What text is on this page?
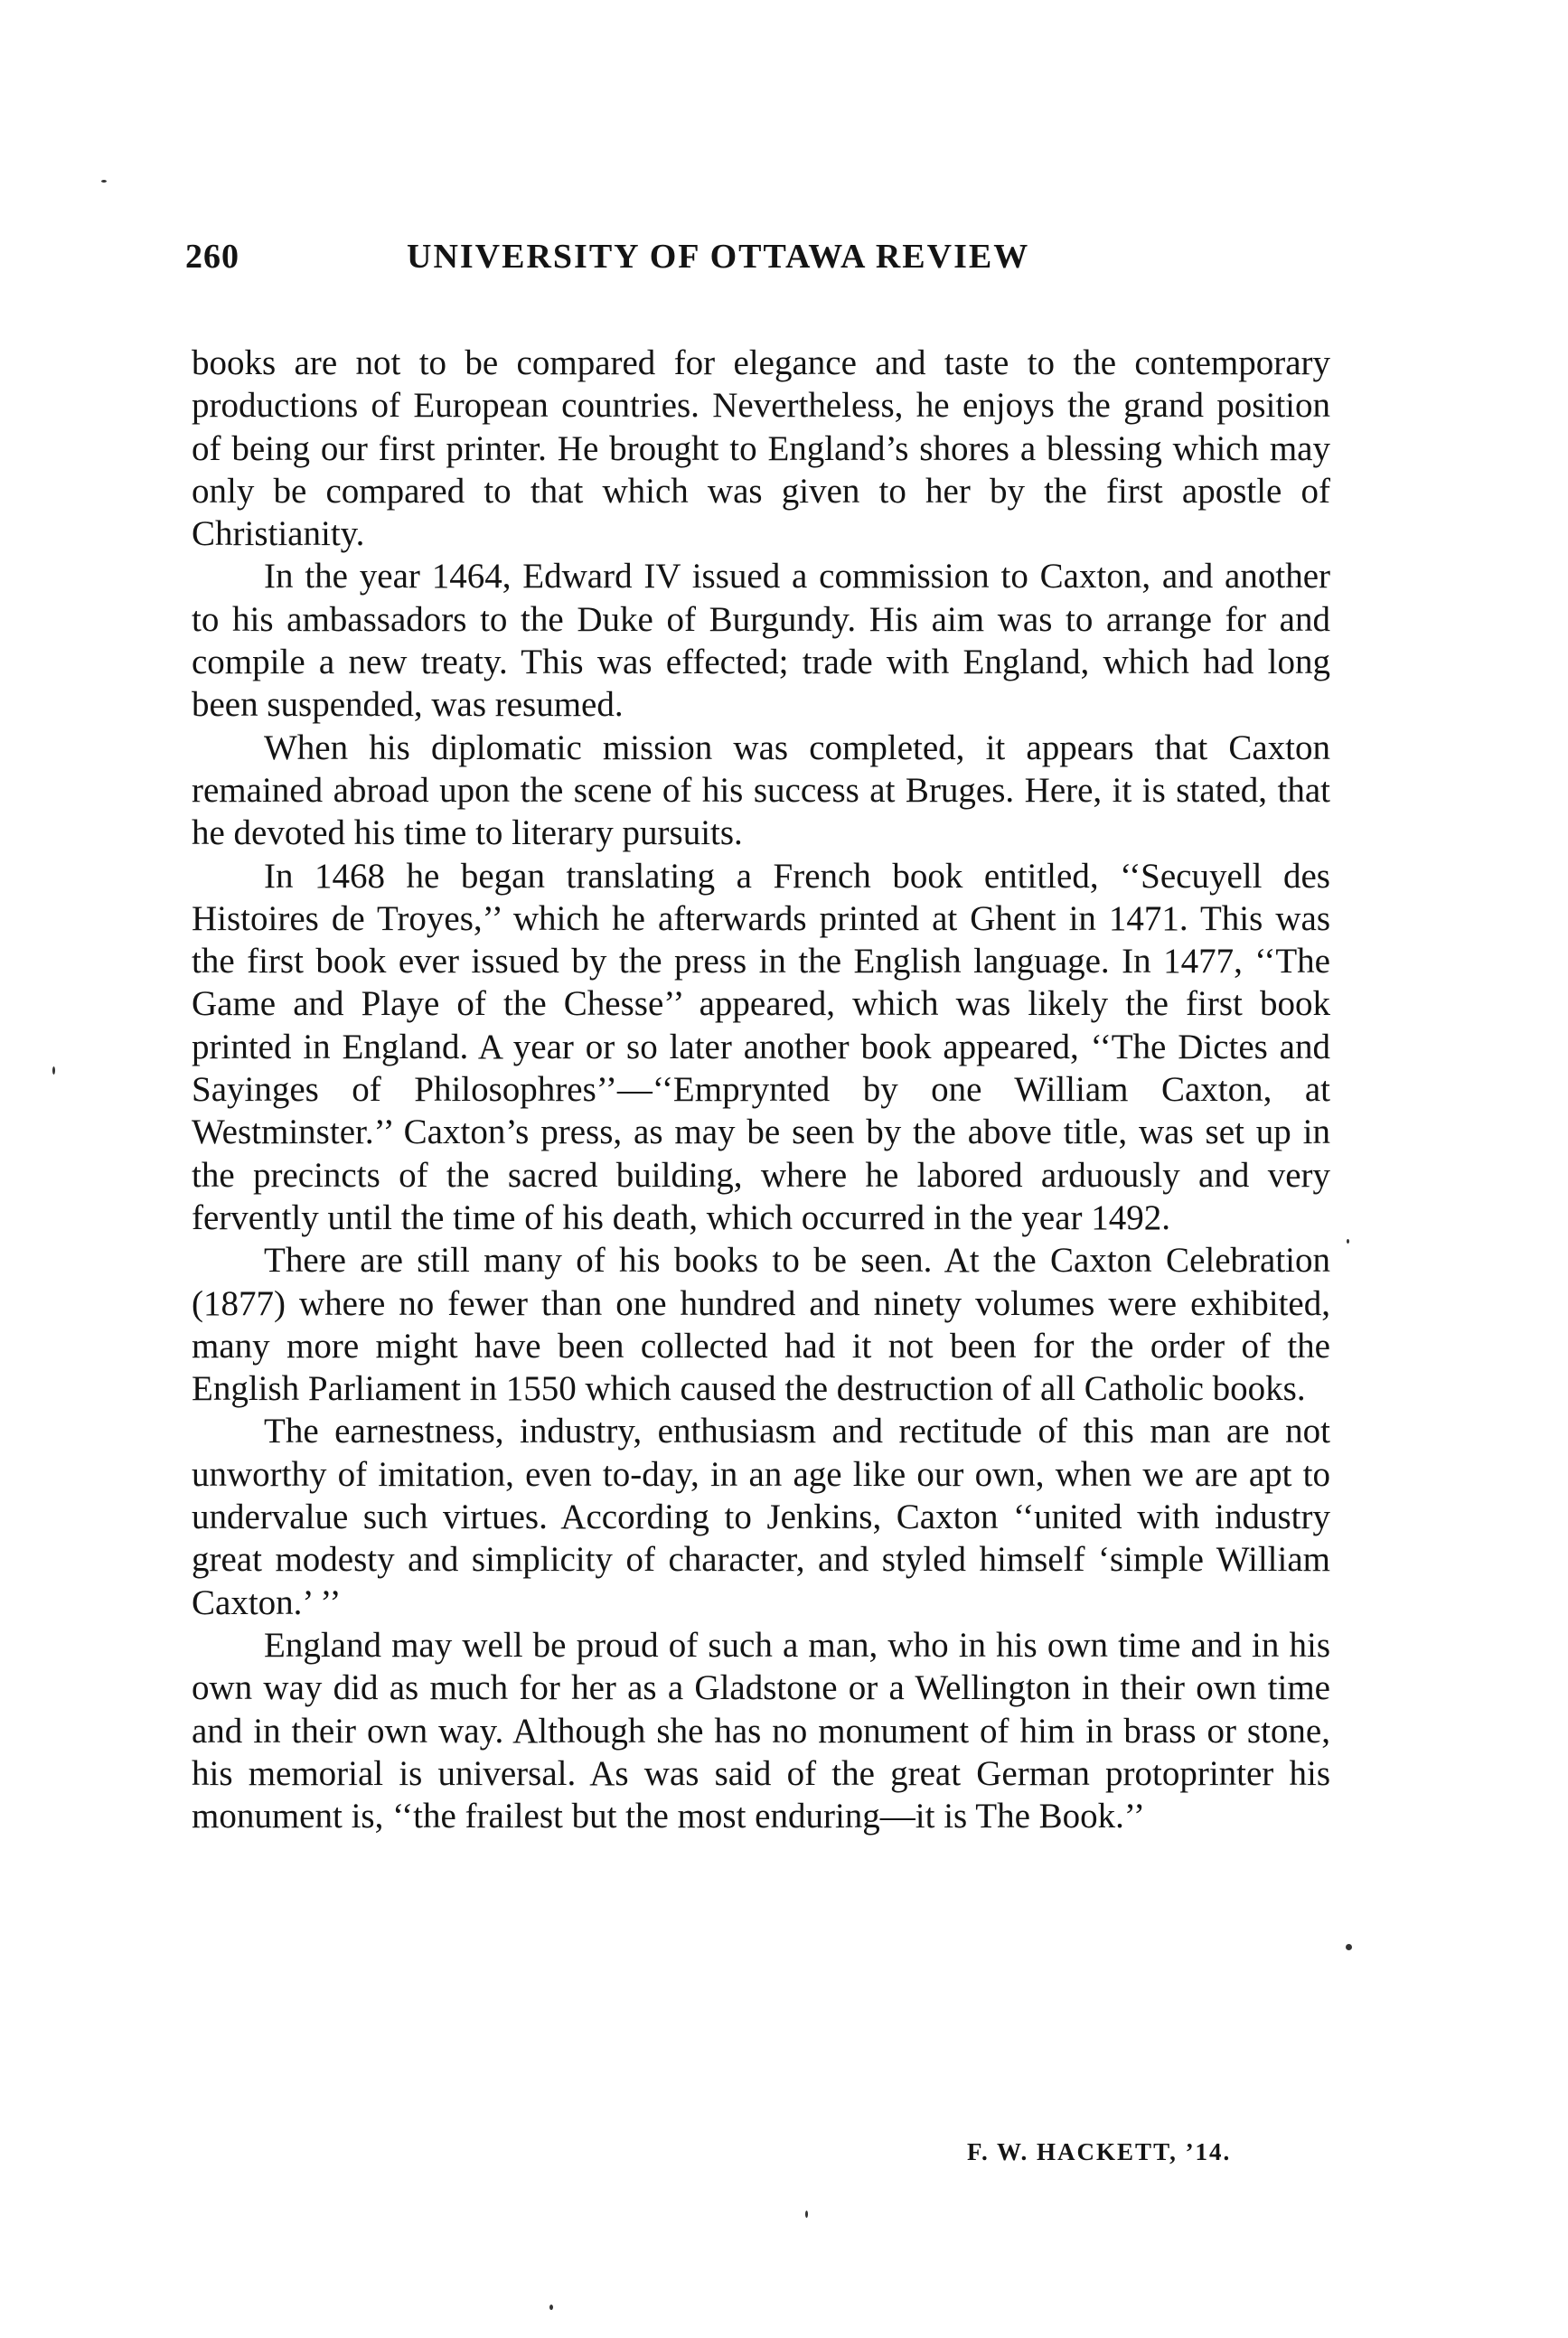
260	UNIVERSITY OF OTTAWA REVIEW

books are not to be compared for elegance and taste to the contemporary productions of European countries. Nevertheless, he enjoys the grand position of being our first printer. He brought to England’s shores a blessing which may only be compared to that which was given to her by the first apostle of Christianity.

In the year 1464, Edward IV issued a commission to Caxton, and another to his ambassadors to the Duke of Burgundy. His aim was to arrange for and compile a new treaty. This was effected; trade with England, which had long been suspended, was resumed.

When his diplomatic mission was completed, it appears that Caxton remained abroad upon the scene of his success at Bruges. Here, it is stated, that he devoted his time to literary pursuits.

In 1468 he began translating a French book entitled, ‘‘Secuyell des Histoires de Troyes,’’ which he afterwards printed at Ghent in 1471. This was the first book ever issued by the press in the English language. In 1477, ‘‘The Game and Playe of the Chesse’’ appeared, which was likely the first book printed in England. A year or so later another book appeared, ‘‘The Dictes and Sayinges of Philosophres’’—‘‘Emprynted by one William Caxton, at Westminster.’’ Caxton’s press, as may be seen by the above title, was set up in the precincts of the sacred building, where he labored arduously and very fervently until the time of his death, which occurred in the year 1492.

There are still many of his books to be seen. At the Caxton Celebration (1877) where no fewer than one hundred and ninety volumes were exhibited, many more might have been collected had it not been for the order of the English Parliament in 1550 which caused the destruction of all Catholic books.

The earnestness, industry, enthusiasm and rectitude of this man are not unworthy of imitation, even to-day, in an age like our own, when we are apt to undervalue such virtues. According to Jenkins, Caxton ‘‘united with industry great modesty and simplicity of character, and styled himself ‘simple William Caxton.’ ’’

England may well be proud of such a man, who in his own time and in his own way did as much for her as a Gladstone or a Wellington in their own time and in their own way. Although she has no monument of him in brass or stone, his memorial is universal. As was said of the great German protoprinter his monument is, ‘‘the frailest but the most enduring—it is The Book.’’

F. W. HACKETT, ’14.
